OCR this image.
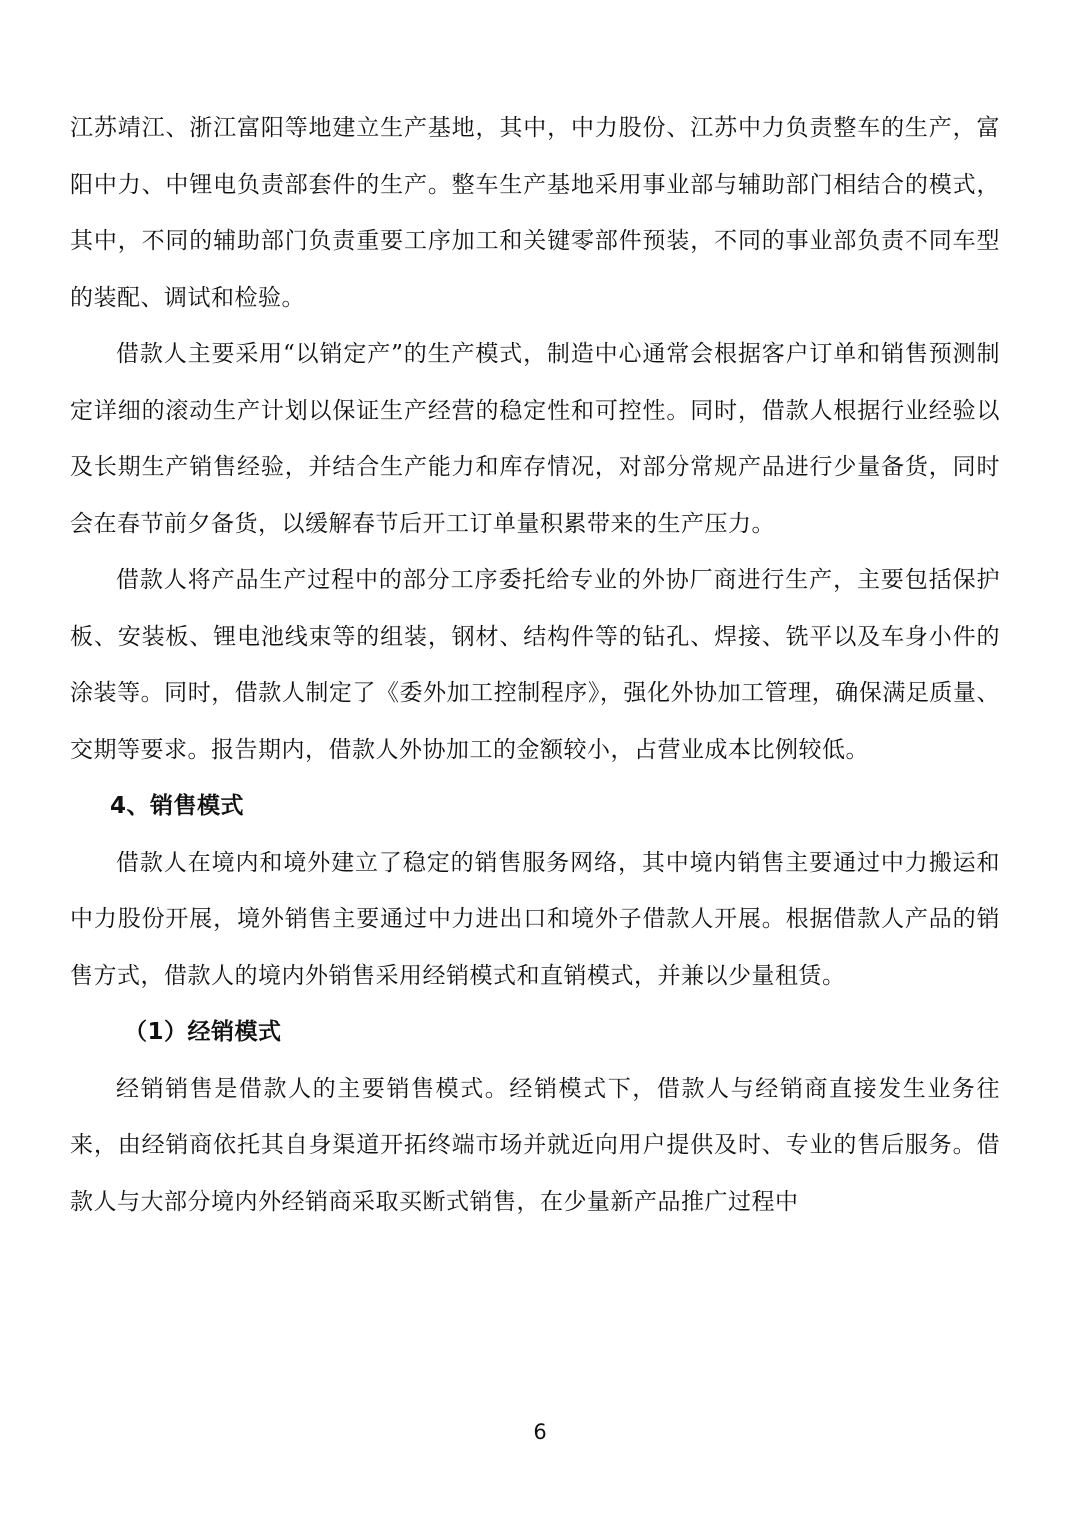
江苏靖江、浙江富阳等地建立生产基地，其中，中力股份、江苏中力负责整车的生产，富阳中力、中锂电负责部套件的生产。整车生产基地采用事业部与辅助部门相结合的模式，其中，不同的辅助部门负责重要工序加工和关键零部件预装，不同的事业部负责不同车型的装配、调试和检验。

借款人主要采用“以销定产”的生产模式，制造中心通常会根据客户订单和销售预测制定详细的滚动生产计划以保证生产经营的稳定性和可控性。同时，借款人根据行业经验以及长期生产销售经验，并结合生产能力和库存情况，对部分常规产品进行少量备货，同时会在春节前夕备货，以缓解春节后开工订单量积累带来的生产压力。

借款人将产品生产过程中的部分工序委托给专业的外协厂商进行生产，主要包括保护板、安装板、锂电池线束等的组装，钢材、结构件等的钻孔、焊接、铣平以及车身小件的涂装等。同时，借款人制定了《委外加工控制程序》，强化外协加工管理，确保满足质量、交期等要求。报告期内，借款人外协加工的金额较小，占营业成本比例较低。

4、销售模式

借款人在境内和境外建立了稳定的销售服务网络，其中境内销售主要通过中力搬运和中力股份开展，境外销售主要通过中力进出口和境外子借款人开展。根据借款人产品的销售方式，借款人的境内外销售采用经销模式和直销模式，并兼以少量租赁。

（1）经销模式

经销销售是借款人的主要销售模式。经销模式下，借款人与经销商直接发生业务往来，由经销商依托其自身渠道开拓终端市场并就近向用户提供及时、专业的售后服务。借款人与大部分境内外经销商采取买断式销售，在少量新产品推广过程中

6
